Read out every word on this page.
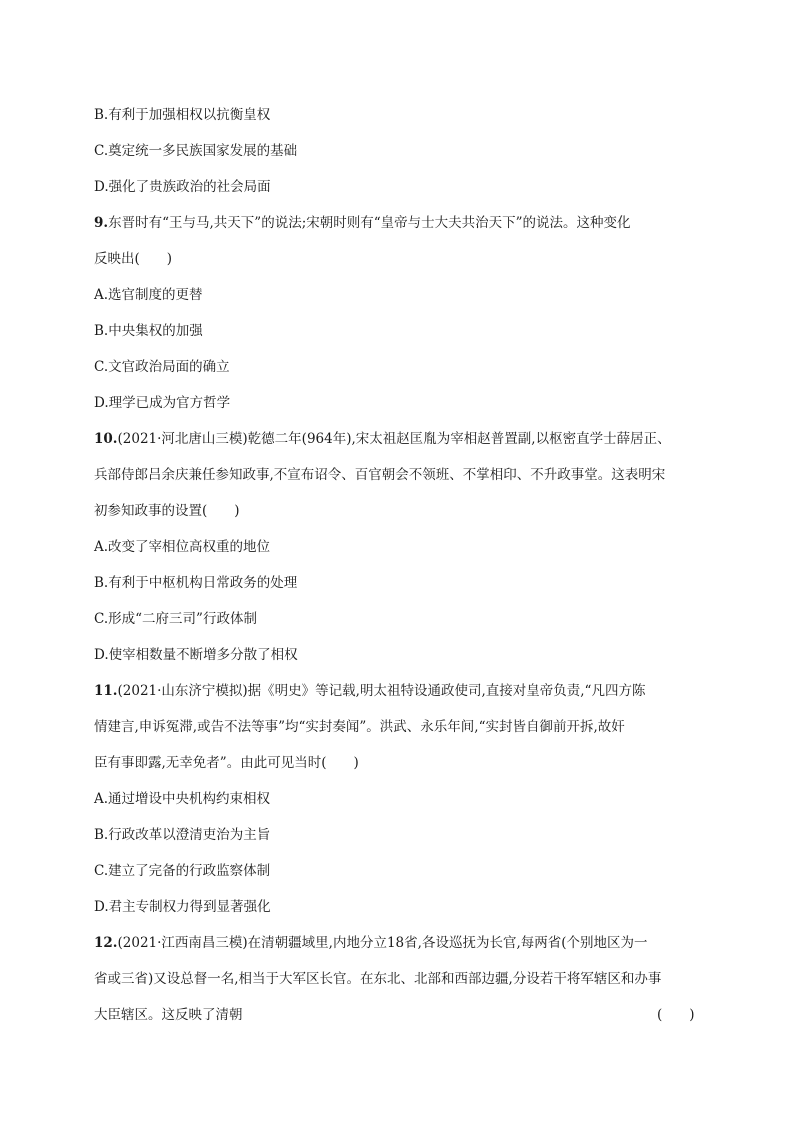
B.有利于加强相权以抗衡皇权
C.奠定统一多民族国家发展的基础
D.强化了贵族政治的社会局面
9.东晋时有“王与马,共天下”的说法;宋朝时则有“皇帝与士大夫共治天下”的说法。这种变化
反映出(　　)
A.选官制度的更替
B.中央集权的加强
C.文官政治局面的确立
D.理学已成为官方哲学
10.(2021·河北唐山三模)乾德二年(964年),宋太祖赵匡胤为宰相赵普置副,以枢密直学士薛居正、
兵部侍郎吕余庆兼任参知政事,不宣布诏令、百官朝会不领班、不掌相印、不升政事堂。这表明宋
初参知政事的设置(　　)
A.改变了宰相位高权重的地位
B.有利于中枢机构日常政务的处理
C.形成“二府三司”行政体制
D.使宰相数量不断增多分散了相权
11.(2021·山东济宁模拟)据《明史》等记载,明太祖特设通政使司,直接对皇帝负责,“凡四方陈
情建言,申诉冤滞,或告不法等事”均“实封奏闻”。洪武、永乐年间,“实封皆自御前开拆,故奸
臣有事即露,无幸免者”。由此可见当时(　　)
A.通过增设中央机构约束相权
B.行政改革以澄清吏治为主旨
C.建立了完备的行政监察体制
D.君主专制权力得到显著强化
12.(2021·江西南昌三模)在清朝疆域里,内地分立18省,各设巡抚为长官,每两省(个别地区为一
省或三省)又设总督一名,相当于大军区长官。在东北、北部和西部边疆,分设若干将军辖区和办事
大臣辖区。这反映了清朝	(　　)
